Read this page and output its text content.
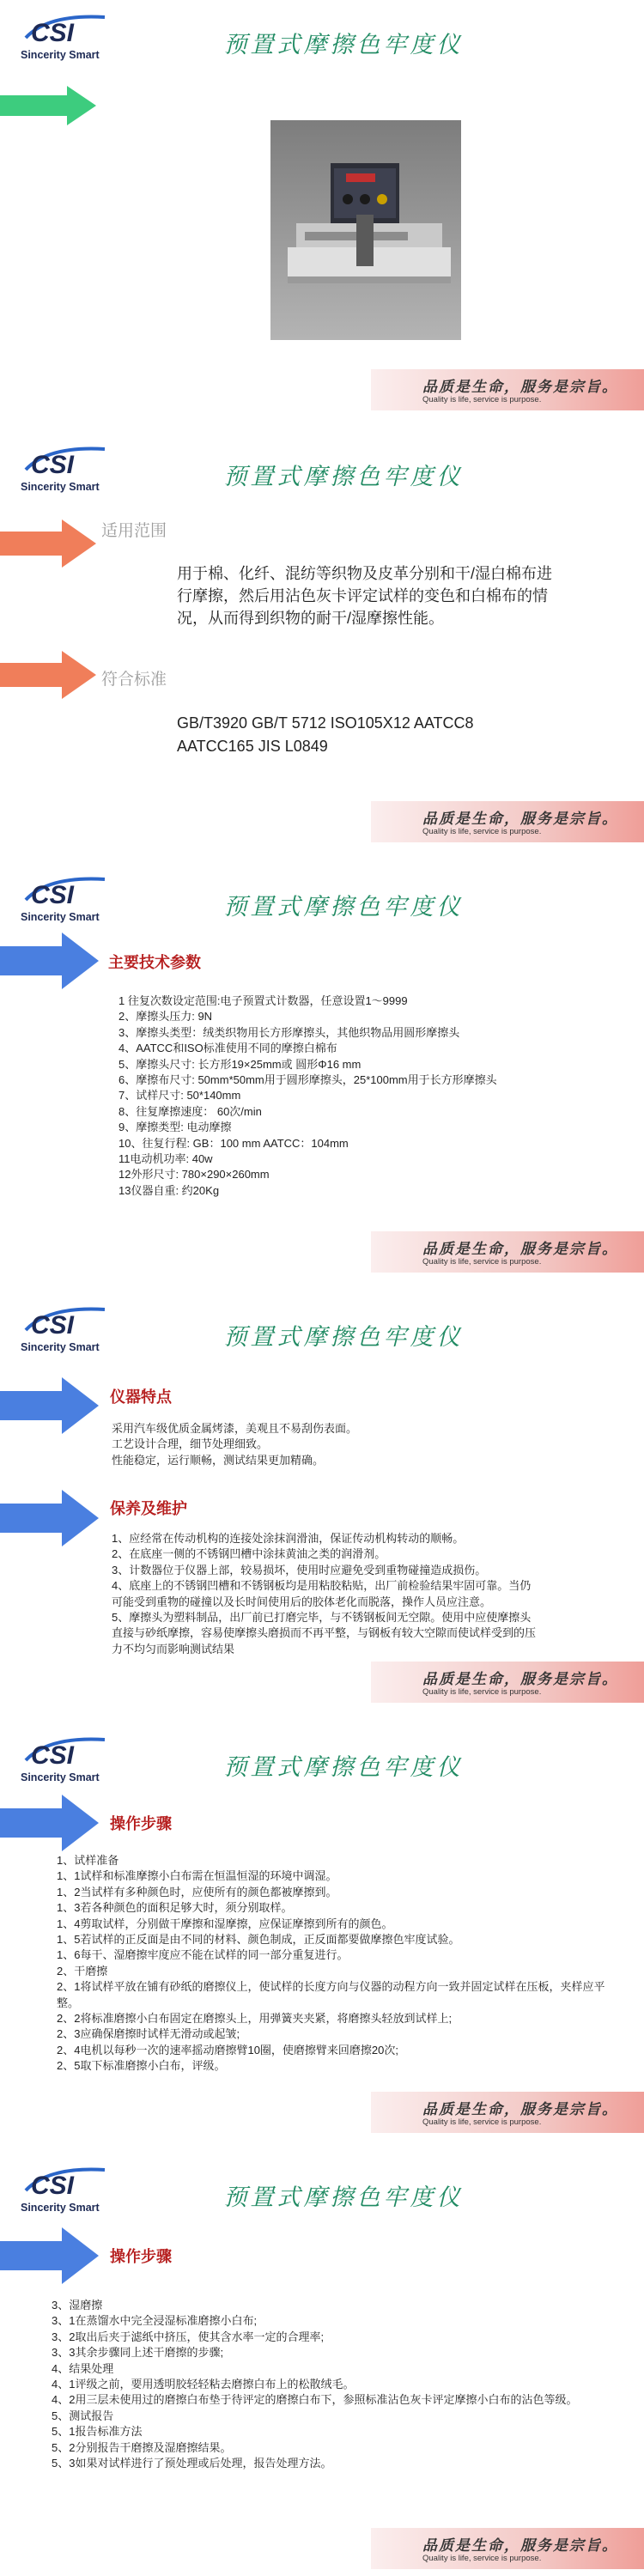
CSI
Sincerity Smart	预置式摩擦色牢度仪
品质是生命，服务是宗旨。
Quality is life, service is purpose.
CSI
Sincerity Smart	预置式摩擦色牢度仪
适用范围
用于棉、化纤、混纺等织物及皮革分别和干/湿白棉布进行摩擦，然后用沾色灰卡评定试样的变色和白棉布的情况，从而得到织物的耐干/湿摩擦性能。
符合标准
GB/T3920 GB/T 5712 ISO105X12 AATCC8
AATCC165 JIS L0849
品质是生命，服务是宗旨。
Quality is life, service is purpose.
CSI
Sincerity Smart	预置式摩擦色牢度仪
主要技术参数
1 往复次数设定范围:电子预置式计数器，任意设置1～9999
2、摩擦头压力: 9N
3、摩擦头类型：绒类织物用长方形摩擦头，其他织物品用圆形摩擦头
4、AATCC和ISO标准使用不同的摩擦白棉布
5、摩擦头尺寸: 长方形19×25mm或 圆形Φ16 mm
6、摩擦布尺寸: 50mm*50mm用于圆形摩擦头，25*100mm用于长方形摩擦头
7、试样尺寸: 50*140mm
8、往复摩擦速度： 60次/min
9、摩擦类型: 电动摩擦
10、往复行程: GB：100 mm AATCC：104mm
11电动机功率: 40w
12外形尺寸: 780×290×260mm
13仪器自重: 约20Kg
品质是生命，服务是宗旨。
Quality is life, service is purpose.
CSI
Sincerity Smart	预置式摩擦色牢度仪
仪器特点
采用汽车级优质金属烤漆，美观且不易刮伤表面。
工艺设计合理，细节处理细致。
性能稳定，运行顺畅，测试结果更加精确。
保养及维护
1、应经常在传动机构的连接处涂抹润滑油，保证传动机构转动的顺畅。
2、在底座一侧的不锈钢凹槽中涂抹黄油之类的润滑剂。
3、计数器位于仪器上部，较易损坏，使用时应避免受到重物碰撞造成损伤。
4、底座上的不锈钢凹槽和不锈钢板均是用粘胶粘贴，出厂前检验结果牢固可靠。当仍可能受到重物的碰撞以及长时间使用后的胶体老化而脱落，操作人员应注意。
5、摩擦头为塑料制品，出厂前已打磨完毕，与不锈钢板间无空隙。使用中应使摩擦头直接与砂纸摩擦，容易使摩擦头磨损而不再平整，与钢板有较大空隙而使试样受到的压力不均匀而影响测试结果
品质是生命，服务是宗旨。
Quality is life, service is purpose.
CSI
Sincerity Smart	预置式摩擦色牢度仪
操作步骤
1、试样准备
1、1试样和标准摩擦小白布需在恒温恒湿的环境中调湿。
1、2当试样有多种颜色时，应使所有的颜色都被摩擦到。
1、3若各种颜色的面积足够大时，须分别取样。
1、4剪取试样，分别做干摩擦和湿摩擦，应保证摩擦到所有的颜色。
1、5若试样的正反面是由不同的材料、颜色制成，正反面都要做摩擦色牢度试验。
1、6每干、湿磨擦牢度应不能在试样的同一部分重复进行。
2、干磨擦
2、1将试样平放在铺有砂纸的磨擦仪上，使试样的长度方向与仪器的动程方向一致并固定试样在压板，夹样应平整。
2、2将标准磨擦小白布固定在磨擦头上，用弹簧夹夹紧，将磨擦头轻放到试样上;
2、3应确保磨擦时试样无滑动或起皱;
2、4电机以每秒一次的速率摇动磨擦臂10圈，使磨擦臂来回磨擦20次;
2、5取下标准磨擦小白布，评级。
品质是生命，服务是宗旨。
Quality is life, service is purpose.
CSI
Sincerity Smart	预置式摩擦色牢度仪
操作步骤
3、湿磨擦
3、1在蒸馏水中完全浸湿标准磨擦小白布;
3、2取出后夹于滤纸中挤压，使其含水率一定的合理率;
3、3其余步骤同上述干磨擦的步骤;
4、结果处理
4、1评级之前，要用透明胶轻轻粘去磨擦白布上的松散绒毛。
4、2用三层未使用过的磨擦白布垫于待评定的磨擦白布下，参照标准沾色灰卡评定摩擦小白布的沾色等级。
5、测试报告
5、1报告标准方法
5、2分别报告干磨擦及湿磨擦结果。
5、3如果对试样进行了预处理或后处理，报告处理方法。
品质是生命，服务是宗旨。
Quality is life, service is purpose.
